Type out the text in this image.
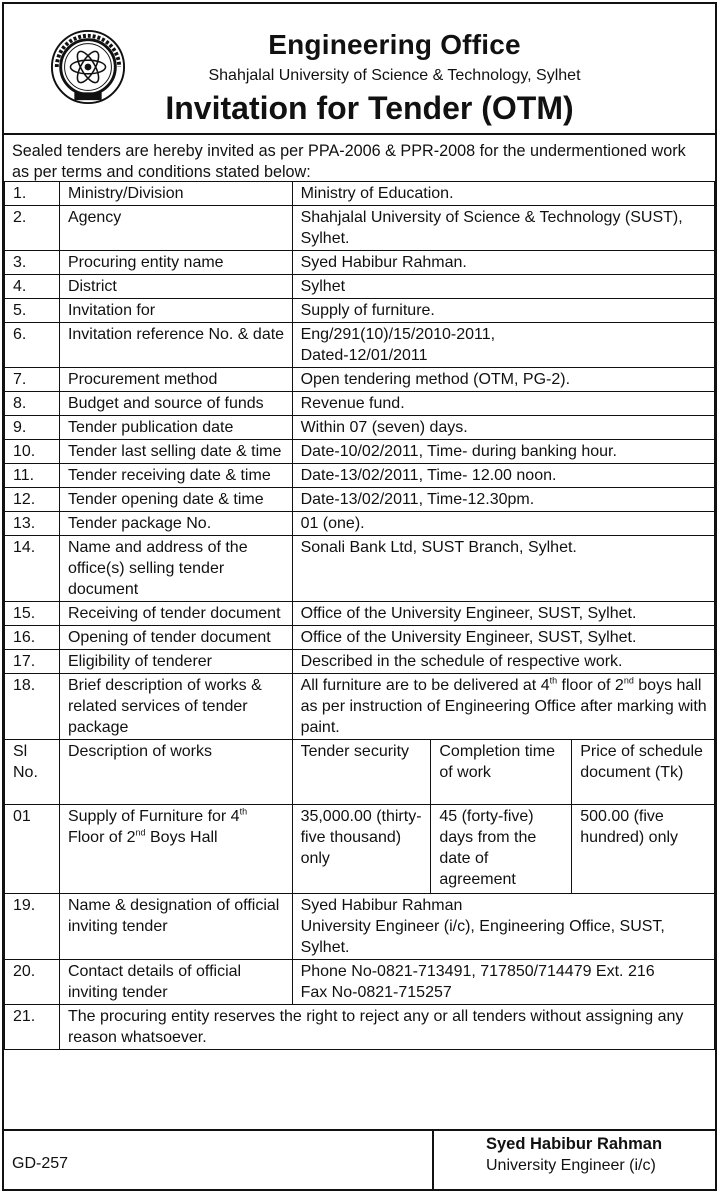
Engineering Office
Shahjalal University of Science & Technology, Sylhet
Invitation for Tender (OTM)
Sealed tenders are hereby invited as per PPA-2006 & PPR-2008 for the undermentioned work as per terms and conditions stated below:
1.	Ministry/Division	Ministry of Education.		
2.	Agency	Shahjalal University of Science & Technology (SUST), Sylhet.		
3.	Procuring entity name	Syed Habibur Rahman.		
4.	District	Sylhet		
5.	Invitation for	Supply of furniture.		
6.	Invitation reference No. & date	Eng/291(10)/15/2010-2011,
Dated-12/01/2011		

7.	Procurement method	Open tendering method (OTM, PG-2).		
8.	Budget and source of funds	Revenue fund.		
9.	Tender publication date	Within 07 (seven) days.		
10.	Tender last selling date & time	Date-10/02/2011, Time- during banking hour.		
11.	Tender receiving date & time	Date-13/02/2011, Time- 12.00 noon.		
12.	Tender opening date & time	Date-13/02/2011, Time-12.30pm.		
13.	Tender package No.	01 (one).		
14.	Name and address of the office(s) selling tender document	Sonali Bank Ltd, SUST Branch, Sylhet.		
15.	Receiving of tender document	Office of the University Engineer, SUST, Sylhet.		
16.	Opening of tender document	Office of the University Engineer, SUST, Sylhet.		
17.	Eligibility of tenderer	Described in the schedule of respective work.		
18.	Brief description of works & related services of tender package	All furniture are to be delivered at 4th floor of 2nd boys hall as per instruction of Engineering Office after marking with paint.		
Sl No.	Description of works	Tender security	Completion time of work	Price of schedule document (Tk)
01	Supply of Furniture for 4th Floor of 2nd Boys Hall	35,000.00 (thirty-five thousand) only	45 (forty-five) days from the date of agreement	500.00 (five hundred) only
19.	Name & designation of official inviting tender	Syed Habibur Rahman
University Engineer (i/c), Engineering Office, SUST, Sylhet.		

20.	Contact details of official inviting tender	Phone No-0821-713491, 717850/714479 Ext. 216
Fax No-0821-715257		

21.	The procuring entity reserves the right to reject any or all tenders without assigning any reason whatsoever.			
GD-257
Syed Habibur Rahman
University Engineer (i/c)
